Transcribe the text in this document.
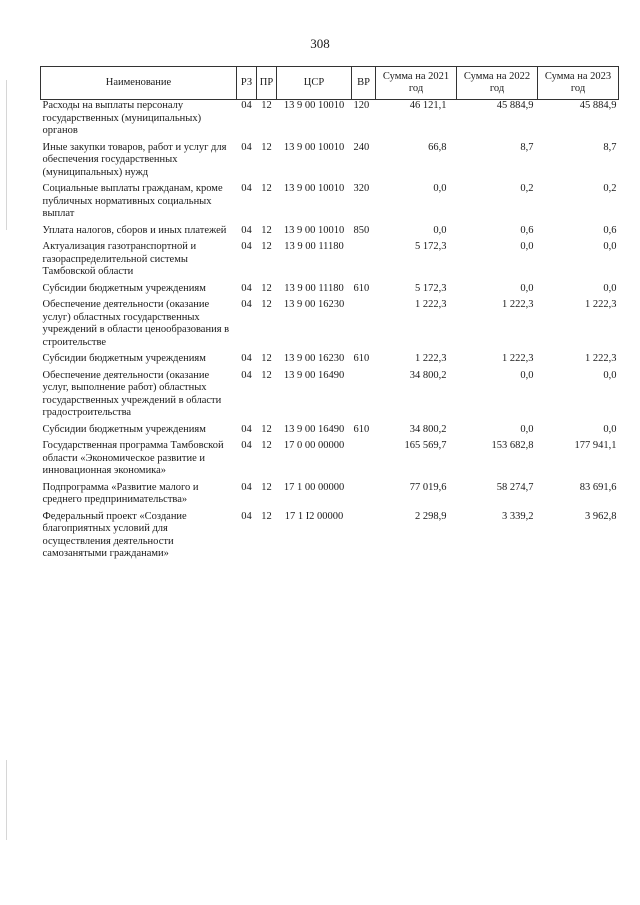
308
Наименование	РЗ	ПР	ЦСР	ВР	Сумма на 2021 год	Сумма на 2022 год	Сумма на 2023 год
Расходы на выплаты персоналу государственных (муниципальных) органов	04	12	13 9 00 10010	120	46 121,1	45 884,9	45 884,9
Иные закупки товаров, работ и услуг для обеспечения государственных (муниципальных) нужд	04	12	13 9 00 10010	240	66,8	8,7	8,7
Социальные выплаты гражданам, кроме публичных нормативных социальных выплат	04	12	13 9 00 10010	320	0,0	0,2	0,2
Уплата налогов, сборов и иных платежей	04	12	13 9 00 10010	850	0,0	0,6	0,6
Актуализация газотранспортной и газораспределительной системы Тамбовской области	04	12	13 9 00 11180		5 172,3	0,0	0,0
Субсидии бюджетным учреждениям	04	12	13 9 00 11180	610	5 172,3	0,0	0,0
Обеспечение деятельности (оказание услуг) областных государственных учреждений в области ценообразования в строительстве	04	12	13 9 00 16230		1 222,3	1 222,3	1 222,3
Субсидии бюджетным учреждениям	04	12	13 9 00 16230	610	1 222,3	1 222,3	1 222,3
Обеспечение деятельности (оказание услуг, выполнение работ) областных государственных учреждений в области градостроительства	04	12	13 9 00 16490		34 800,2	0,0	0,0
Субсидии бюджетным учреждениям	04	12	13 9 00 16490	610	34 800,2	0,0	0,0
Государственная программа Тамбовской области «Экономическое развитие и инновационная экономика»	04	12	17 0 00 00000		165 569,7	153 682,8	177 941,1
Подпрограмма «Развитие малого и среднего предпринимательства»	04	12	17 1 00 00000		77 019,6	58 274,7	83 691,6
Федеральный проект «Создание благоприятных условий для осуществления деятельности самозанятыми гражданами»	04	12	17 1 I2 00000		2 298,9	3 339,2	3 962,8
